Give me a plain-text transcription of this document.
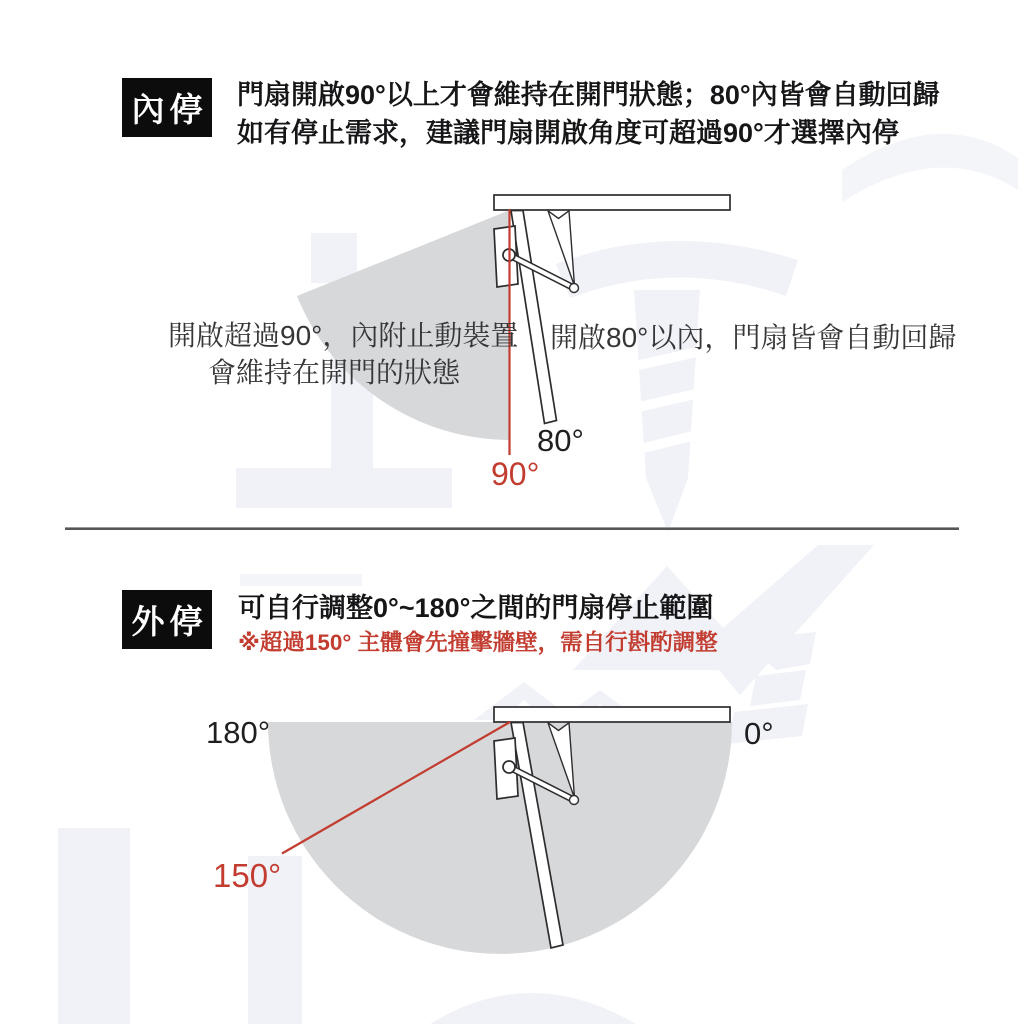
內停 門扇開啟90°以上才會維持在開門狀態；80°內皆會自動回歸
如有停止需求，建議門扇開啟角度可超過90°才選擇內停
開啟超過90°，內附止動裝置
會維持在開門的狀態
開啟80°以內，門扇皆會自動回歸
80°
90°
外停 可自行調整0°~180°之間的門扇停止範圍
※超過150° 主體會先撞擊牆壁，需自行斟酌調整
180°	0°
150°
